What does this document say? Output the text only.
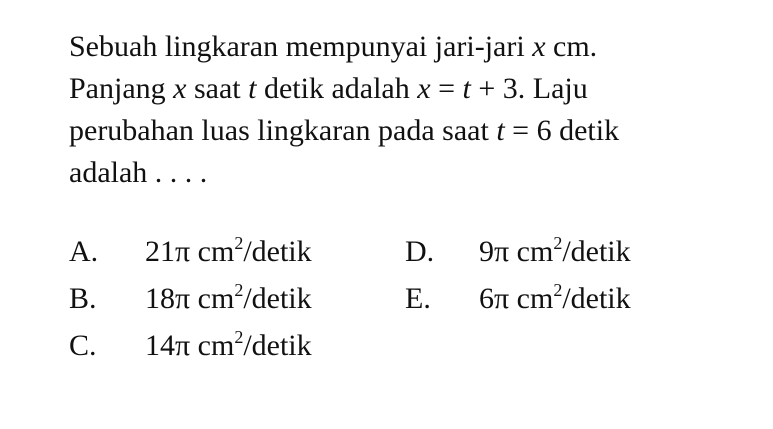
Sebuah lingkaran mempunyai jari-jari x cm.
Panjang x saat t detik adalah x = t + 3. Laju
perubahan luas lingkaran pada saat t = 6 detik
adalah . . . .
A. 21π $cm^2$/detik
B. 18π $cm^2$/detik
C. 14π $cm^2$/detik
D. 9π $cm^2$/detik
E. 6π $cm^2$/detik
